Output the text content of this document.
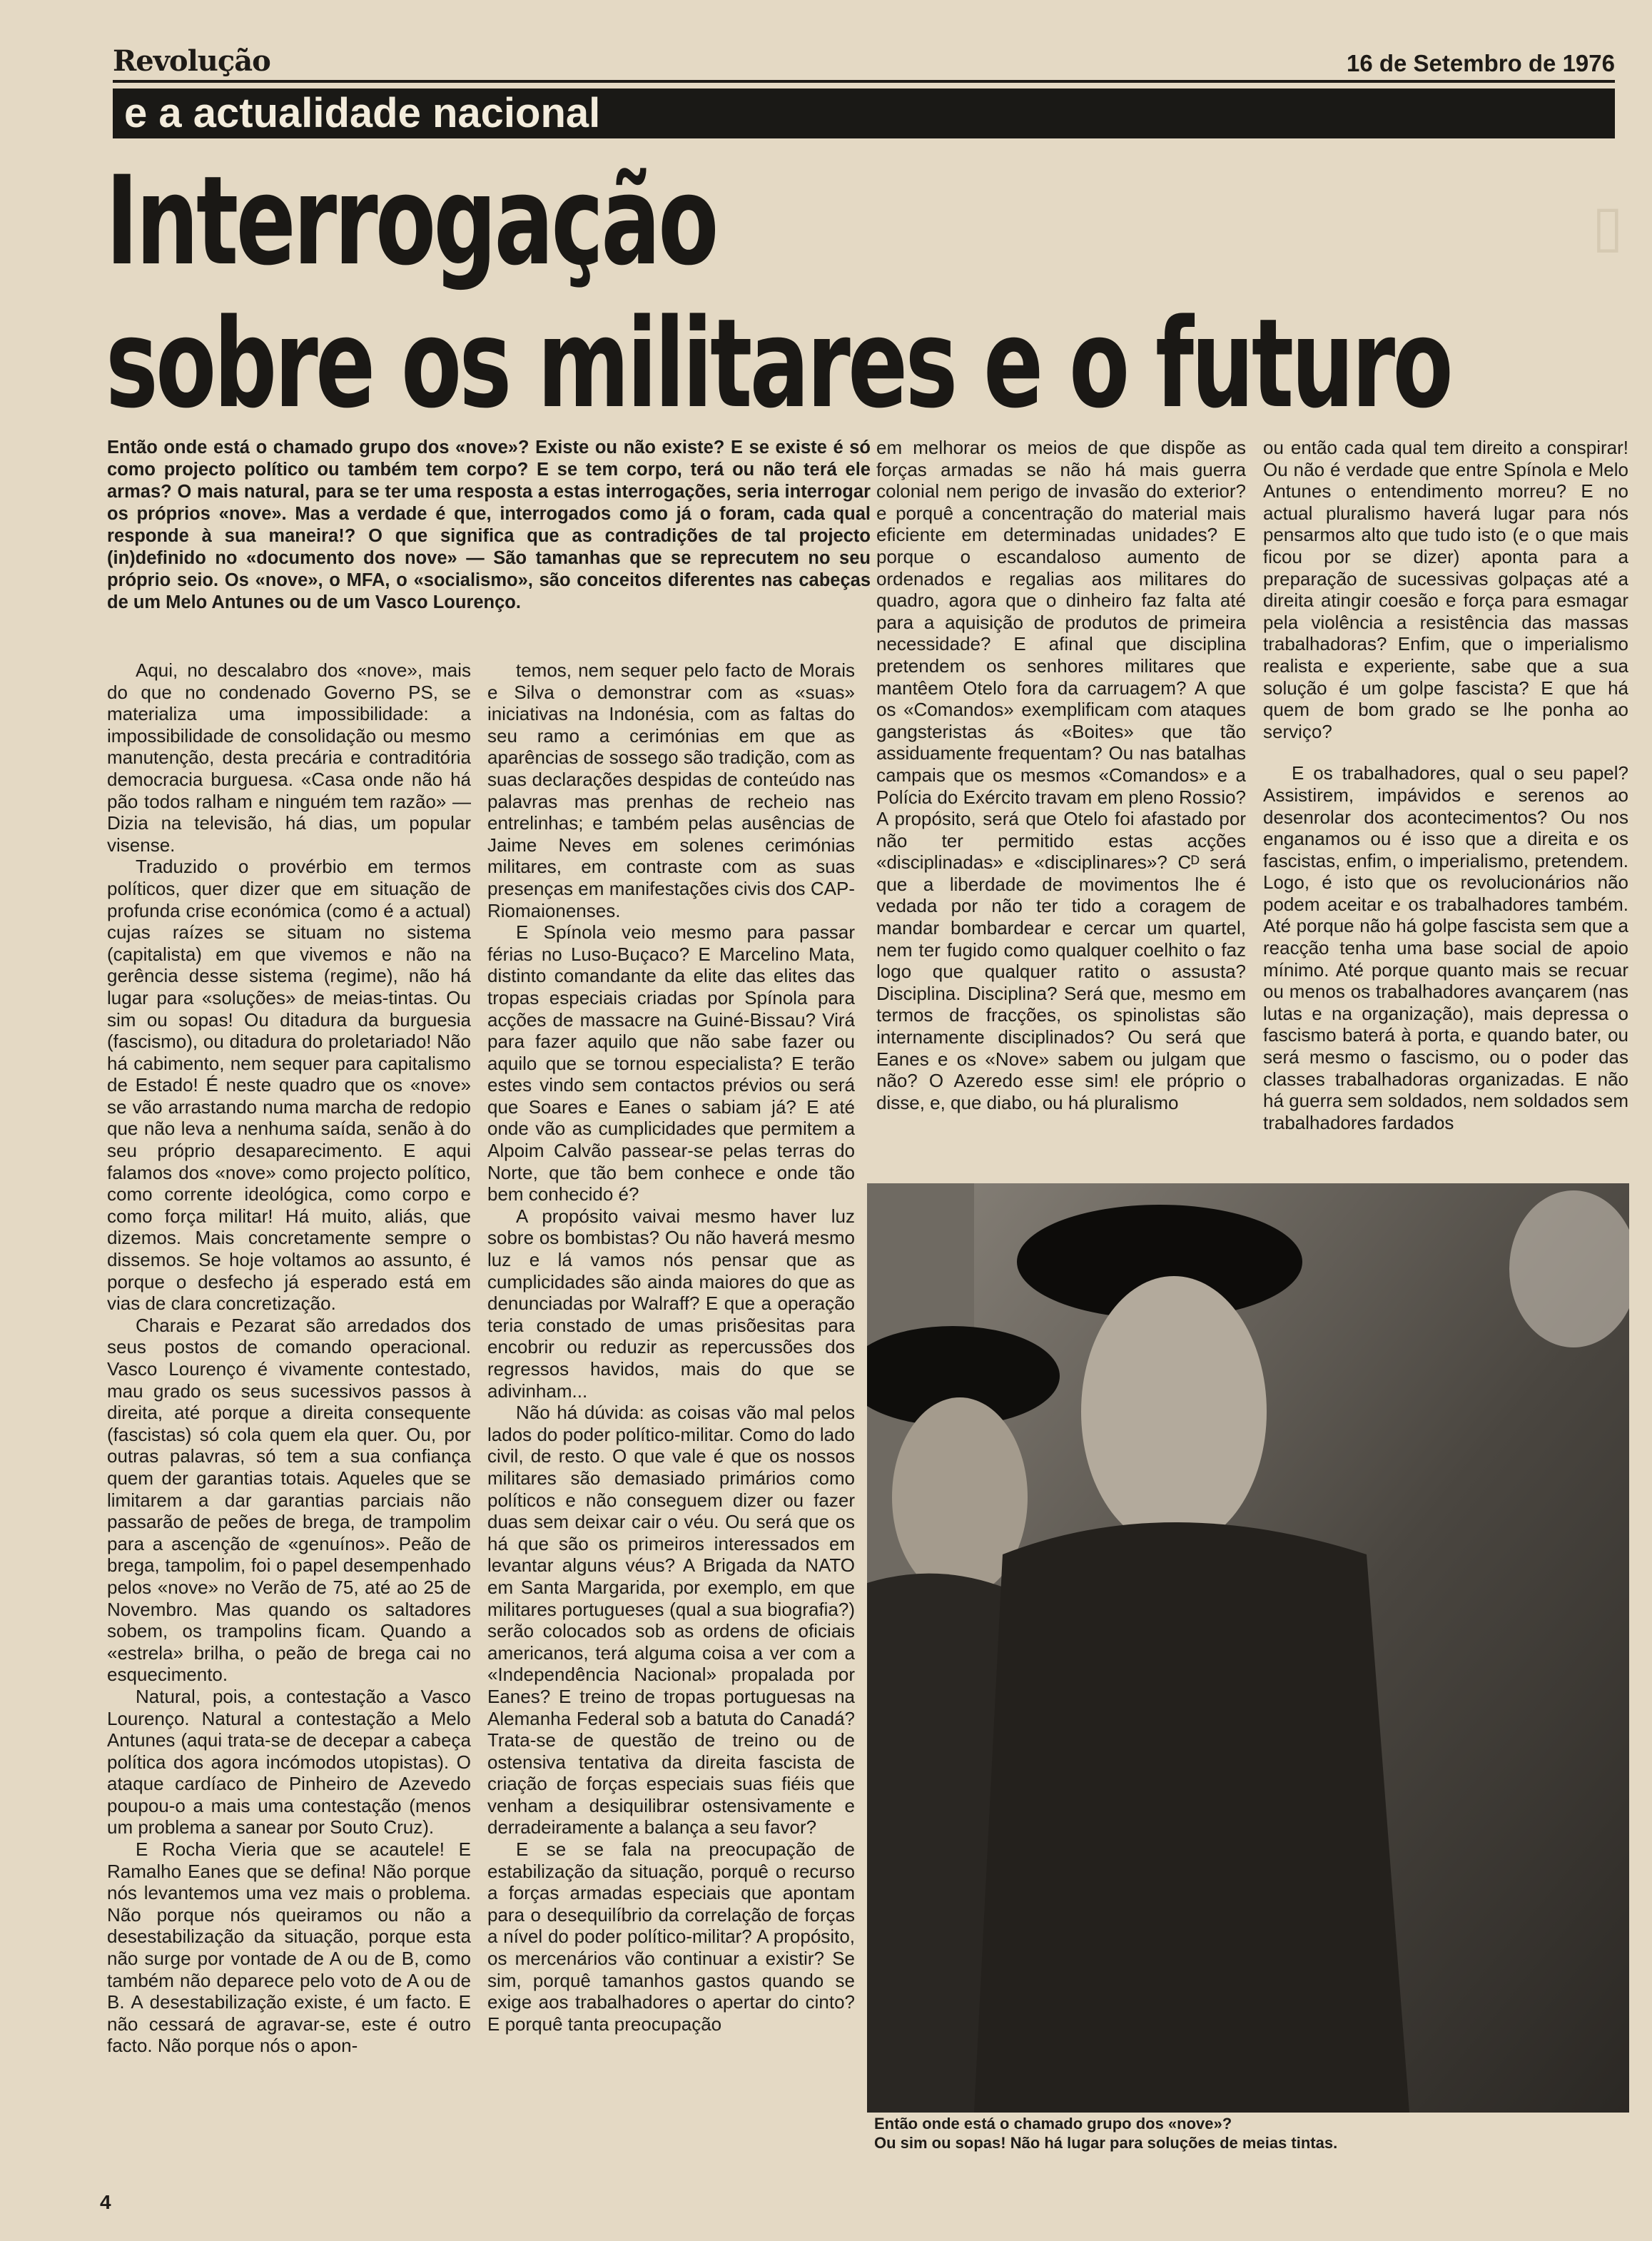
Revolução	16 de Setembro de 1976
e a actualidade nacional
▯
Interrogação
sobre os militares e o futuro
Então onde está o chamado grupo dos «nove»? Existe ou não existe? E se existe é só como projecto político ou também tem corpo? E se tem corpo, terá ou não terá ele armas? O mais natural, para se ter uma resposta a estas interrogações, seria interrogar os próprios «nove». Mas a verdade é que, interrogados como já o foram, cada qual responde à sua maneira!? O que significa que as contradições de tal projecto (in)definido no «documento dos nove» — São tamanhas que se reprecutem no seu próprio seio. Os «nove», o MFA, o «socialismo», são conceitos diferentes nas cabeças de um Melo Antunes ou de um Vasco Lourenço.

Aqui, no descalabro dos «nove», mais do que no condenado Governo PS, se materializa uma impossibilidade: a impossibilidade de consolidação ou mesmo manutenção, desta precária e contraditória democracia burguesa. «Casa onde não há pão todos ralham e ninguém tem razão» — Dizia na televisão, há dias, um popular visense.

Traduzido o provérbio em termos políticos, quer dizer que em situação de profunda crise económica (como é a actual) cujas raízes se situam no sistema (capitalista) em que vivemos e não na gerência desse sistema (regime), não há lugar para «soluções» de meias-tintas. Ou sim ou sopas! Ou ditadura da burguesia (fascismo), ou ditadura do proletariado! Não há cabimento, nem sequer para capitalismo de Estado! É neste quadro que os «nove» se vão arrastando numa marcha de redopio que não leva a nenhuma saída, senão à do seu próprio desaparecimento. E aqui falamos dos «nove» como projecto político, como corrente ideológica, como corpo e como força militar! Há muito, aliás, que dizemos. Mais concretamente sempre o dissemos. Se hoje voltamos ao assunto, é porque o desfecho já esperado está em vias de clara concretização.

Charais e Pezarat são arredados dos seus postos de comando operacional. Vasco Lourenço é vivamente contestado, mau grado os seus sucessivos passos à direita, até porque a direita consequente (fascistas) só cola quem ela quer. Ou, por outras palavras, só tem a sua confiança quem der garantias totais. Aqueles que se limitarem a dar garantias parciais não passarão de peões de brega, de trampolim para a ascenção de «genuínos». Peão de brega, tampolim, foi o papel desempenhado pelos «nove» no Verão de 75, até ao 25 de Novembro. Mas quando os saltadores sobem, os trampolins ficam. Quando a «estrela» brilha, o peão de brega cai no esquecimento.

Natural, pois, a contestação a Vasco Lourenço. Natural a contestação a Melo Antunes (aqui trata-se de decepar a cabeça política dos agora incómodos utopistas). O ataque cardíaco de Pinheiro de Azevedo poupou-o a mais uma contestação (menos um problema a sanear por Souto Cruz).

E Rocha Vieria que se acautele! E Ramalho Eanes que se defina! Não porque nós levantemos uma vez mais o problema. Não porque nós queiramos ou não a desestabilização da situação, porque esta não surge por vontade de A ou de B, como também não deparece pelo voto de A ou de B. A desestabilização existe, é um facto. E não cessará de agravar-se, este é outro facto. Não porque nós o apon-

temos, nem sequer pelo facto de Morais e Silva o demonstrar com as «suas» iniciativas na Indonésia, com as faltas do seu ramo a cerimónias em que as aparências de sossego são tradição, com as suas declarações despidas de conteúdo nas palavras mas prenhas de recheio nas entrelinhas; e também pelas ausências de Jaime Neves em solenes cerimónias militares, em contraste com as suas presenças em manifestações civis dos CAP-Riomaionenses.

E Spínola veio mesmo para passar férias no Luso-Buçaco? E Marcelino Mata, distinto comandante da elite das elites das tropas especiais criadas por Spínola para acções de massacre na Guiné-Bissau? Virá para fazer aquilo que não sabe fazer ou aquilo que se tornou especialista? E terão estes vindo sem contactos prévios ou será que Soares e Eanes o sabiam já? E até onde vão as cumplicidades que permitem a Alpoim Calvão passear-se pelas terras do Norte, que tão bem conhece e onde tão bem conhecido é?

A propósito vaivai mesmo haver luz sobre os bombistas? Ou não haverá mesmo luz e lá vamos nós pensar que as cumplicidades são ainda maiores do que as denunciadas por Walraff? E que a operação teria constado de umas prisõesitas para encobrir ou reduzir as repercussões dos regressos havidos, mais do que se adivinham...

Não há dúvida: as coisas vão mal pelos lados do poder político-militar. Como do lado civil, de resto. O que vale é que os nossos militares são demasiado primários como políticos e não conseguem dizer ou fazer duas sem deixar cair o véu. Ou será que os há que são os primeiros interessados em levantar alguns véus? A Brigada da NATO em Santa Margarida, por exemplo, em que militares portugueses (qual a sua biografia?) serão colocados sob as ordens de oficiais americanos, terá alguma coisa a ver com a «Independência Nacional» propalada por Eanes? E treino de tropas portuguesas na Alemanha Federal sob a batuta do Canadá? Trata-se de questão de treino ou de ostensiva tentativa da direita fascista de criação de forças especiais suas fiéis que venham a desiquilibrar ostensivamente e derradeiramente a balança a seu favor?

E se se fala na preocupação de estabilização da situação, porquê o recurso a forças armadas especiais que apontam para o desequilíbrio da correlação de forças a nível do poder político-militar? A propósito, os mercenários vão continuar a existir? Se sim, porquê tamanhos gastos quando se exige aos trabalhadores o apertar do cinto? E porquê tanta preocupação

em melhorar os meios de que dispõe as forças armadas se não há mais guerra colonial nem perigo de invasão do exterior? e porquê a concentração do material mais eficiente em determinadas unidades? E porque o escandaloso aumento de ordenados e regalias aos militares do quadro, agora que o dinheiro faz falta até para a aquisição de produtos de primeira necessidade? E afinal que disciplina pretendem os senhores militares que mantêem Otelo fora da carruagem? A que os «Comandos» exemplificam com ataques gangsteristas ás «Boites» que tão assiduamente frequentam? Ou nas batalhas campais que os mesmos «Comandos» e a Polícia do Exército travam em pleno Rossio? A propósito, será que Otelo foi afastado por não ter permitido estas acções «disciplinadas» e «disciplinares»? Cᴰ será que a liberdade de movimentos lhe é vedada por não ter tido a coragem de mandar bombardear e cercar um quartel, nem ter fugido como qualquer coelhito o faz logo que qualquer ratito o assusta? Disciplina. Disciplina? Será que, mesmo em termos de fracções, os spinolistas são internamente disciplinados? Ou será que Eanes e os «Nove» sabem ou julgam que não? O Azeredo esse sim! ele próprio o disse, e, que diabo, ou há pluralismo

ou então cada qual tem direito a conspirar! Ou não é verdade que entre Spínola e Melo Antunes o entendimento morreu? E no actual pluralismo haverá lugar para nós pensarmos alto que tudo isto (e o que mais ficou por se dizer) aponta para a preparação de sucessivas golpaças até a direita atingir coesão e força para esmagar pela violência a resistência das massas trabalhadoras? Enfim, que o imperialismo realista e experiente, sabe que a sua solução é um golpe fascista? E que há quem de bom grado se lhe ponha ao serviço?

E os trabalhadores, qual o seu papel? Assistirem, impávidos e serenos ao desenrolar dos acontecimentos? Ou nos enganamos ou é isso que a direita e os fascistas, enfim, o imperialismo, pretendem. Logo, é isto que os revolucionários não podem aceitar e os trabalhadores também. Até porque não há golpe fascista sem que a reacção tenha uma base social de apoio mínimo. Até porque quanto mais se recuar ou menos os trabalhadores avançarem (nas lutas e na organização), mais depressa o fascismo baterá à porta, e quando bater, ou será mesmo o fascismo, ou o poder das classes trabalhadoras organizadas. E não há guerra sem soldados, nem soldados sem trabalhadores fardados

Então onde está o chamado grupo dos «nove»?
Ou sim ou sopas! Não há lugar para soluções de meias tintas.
4
